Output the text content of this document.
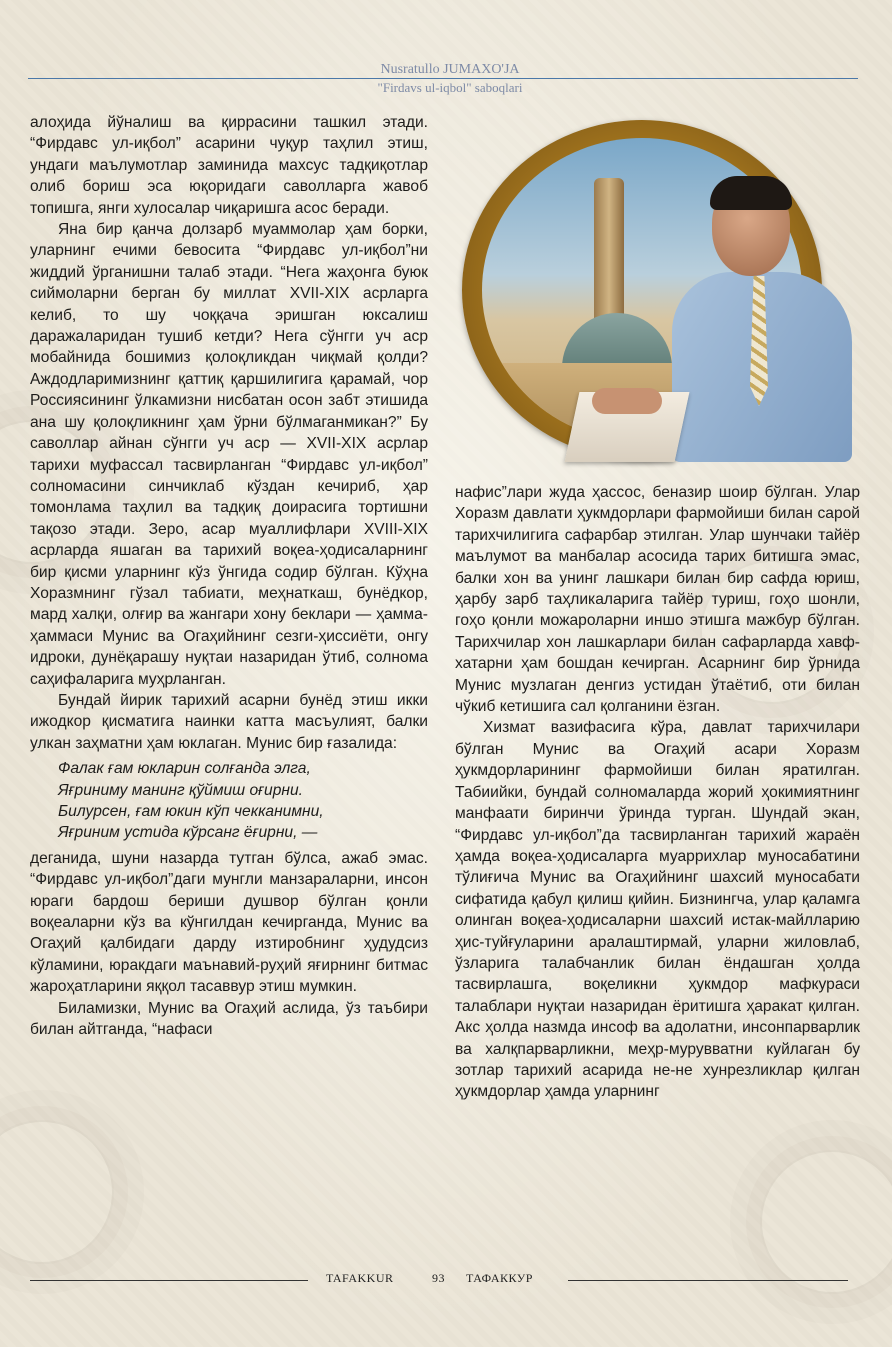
Nusratullo JUMAXO'JA
"Firdavs ul-iqbol" saboqlari

алоҳида йўналиш ва қиррасини ташкил этади. “Фирдавс ул-иқбол” асарини чуқур таҳлил этиш, ундаги маълумотлар заминида махсус тадқиқотлар олиб бориш эса юқоридаги саволларга жавоб топишга, янги хулосалар чиқаришга асос беради.

Яна бир қанча долзарб муаммолар ҳам борки, уларнинг ечими бевосита “Фирдавс ул-иқбол”ни жиддий ўрганишни талаб этади. “Нега жаҳонга буюк сиймоларни берган бу миллат XVII-XIX асрларга келиб, то шу чоққача эришган юксалиш даражаларидан тушиб кетди? Нега сўнгги уч аср мобайнида бошимиз қолоқликдан чиқмай қолди? Аждодларимизнинг қаттиқ қаршилигига қарамай, чор Россиясининг ўлкамизни нисбатан осон забт этишида ана шу қолоқликнинг ҳам ўрни бўлмаганмикан?” Бу саволлар айнан сўнгги уч аср — XVII-XIX асрлар тарихи муфассал тасвирланган “Фирдавс ул-иқбол” солномасини синчиклаб кўздан кечириб, ҳар томонлама таҳлил ва тадқиқ доирасига тортишни тақозо этади. Зеро, асар муаллифлари XVIII-XIX асрларда яшаган ва тарихий воқеа-ҳодисаларнинг бир қисми уларнинг кўз ўнгида содир бўлган. Кўҳна Хоразмнинг гўзал табиати, меҳнаткаш, бунёдкор, мард халқи, олғир ва жангари хону беклари — ҳамма-ҳаммаси Мунис ва Огаҳийнинг сезги-ҳиссиёти, онгу идроки, дунёқарашу нуқтаи назаридан ўтиб, солнома саҳифаларига муҳрланган.

Бундай йирик тарихий асарни бунёд этиш икки ижодкор қисматига наинки катта масъулият, балки улкан заҳматни ҳам юклаган. Мунис бир ғазалида:

Фалак ғам юкларин солғанда элга,
Яғриниму манинг қўймиш оғирни.
Билурсен, ғам юкин кўп чекканимни,
Яғриним устида кўрсанг ёғирни, —

деганида, шуни назарда тутган бўлса, ажаб эмас. “Фирдавс ул-иқбол”даги мунгли манзараларни, инсон юраги бардош бериши душвор бўлган қонли воқеаларни кўз ва кўнгилдан кечирганда, Мунис ва Огаҳий қалбидаги дарду изтиробнинг ҳудудсиз кўламини, юракдаги маънавий-руҳий яғирнинг битмас жароҳатларини яққол тасаввур этиш мумкин.

Биламизки, Мунис ва Огаҳий аслида, ўз таъбири билан айтганда, “нафаси

нафис”лари жуда ҳассос, беназир шоир бўлган. Улар Хоразм давлати ҳукмдорлари фармойиши билан сарой тарихчилигига сафарбар этилган. Улар шунчаки тайёр маълумот ва манбалар асосида тарих битишга эмас, балки хон ва унинг лашкари билан бир сафда юриш, ҳарбу зарб таҳликаларига тайёр туриш, гоҳо шонли, гоҳо қонли можароларни иншо этишга мажбур бўлган. Тарихчилар хон лашкарлари билан сафарларда хавф-хатарни ҳам бошдан кечирган. Асарнинг бир ўрнида Мунис музлаган денгиз устидан ўтаётиб, оти билан чўкиб кетишига сал қолганини ёзган.

Хизмат вазифасига кўра, давлат тарихчилари бўлган Мунис ва Огаҳий асари Хоразм ҳукмдорларининг фармойиши билан яратилган. Табиийки, бундай солномаларда жорий ҳокимиятнинг манфаати биринчи ўринда турган. Шундай экан, “Фирдавс ул-иқбол”да тасвирланган тарихий жараён ҳамда воқеа-ҳодисаларга муаррихлар муносабатини тўлиғича Мунис ва Огаҳийнинг шахсий муносабати сифатида қабул қилиш қийин. Бизнингча, улар қаламга олинган воқеа-ҳодисаларни шахсий истак-майлларию ҳис-туйғуларини аралаштирмай, уларни жиловлаб, ўзларига талабчанлик билан ёндашган ҳолда тасвирлашга, воқеликни ҳукмдор мафкураси талаблари нуқтаи назаридан ёритишга ҳаракат қилган. Акс ҳолда назмда инсоф ва адолатни, инсонпарварлик ва халқпарварликни, меҳр-мурувватни куйлаган бу зотлар тарихий асарида не-не хунрезликлар қилган ҳукмдорлар ҳамда уларнинг

TAFAKKUR	93 ТАФАККУР
